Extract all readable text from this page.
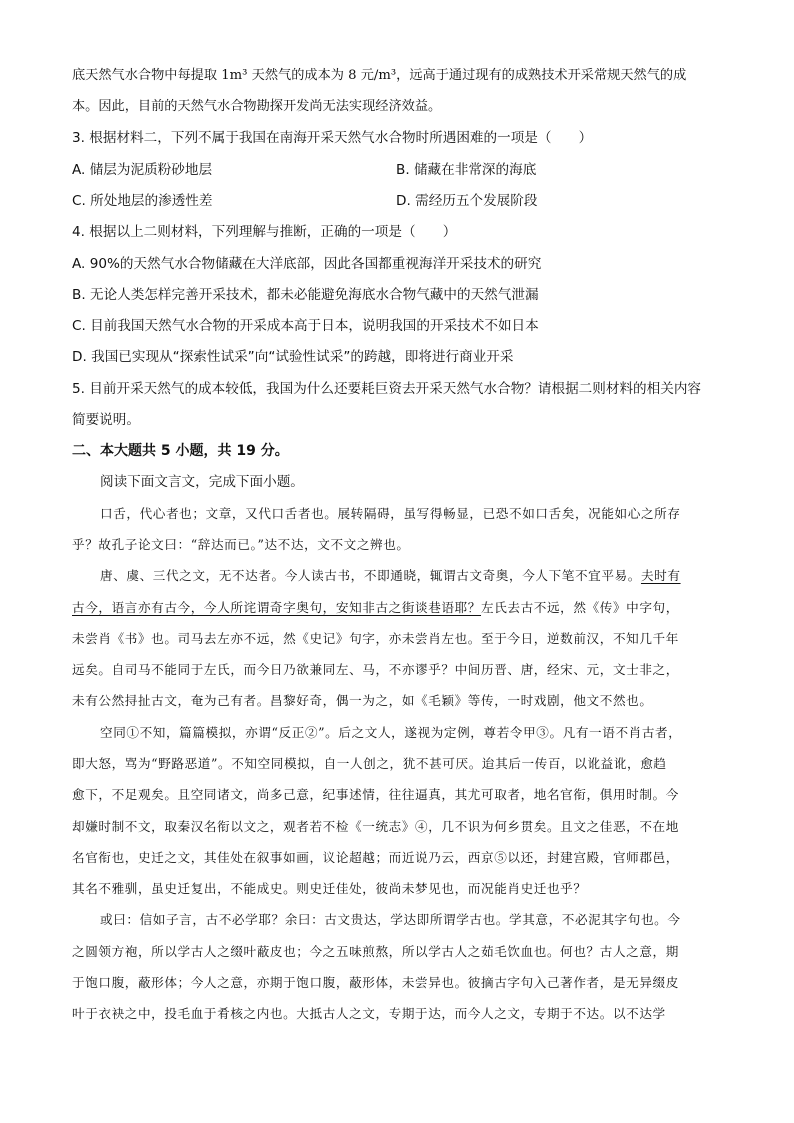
底天然气水合物中每提取 1m³ 天然气的成本为 8 元/m³，远高于通过现有的成熟技术开采常规天然气的成
本。因此，目前的天然气水合物勘探开发尚无法实现经济效益。
3. 根据材料二，下列不属于我国在南海开采天然气水合物时所遇困难的一项是（　　）
A. 储层为泥质粉砂地层	B. 储藏在非常深的海底
C. 所处地层的渗透性差	D. 需经历五个发展阶段
4. 根据以上二则材料，下列理解与推断，正确的一项是（　　）
A. 90%的天然气水合物储藏在大洋底部，因此各国都重视海洋开采技术的研究
B. 无论人类怎样完善开采技术，都未必能避免海底水合物气藏中的天然气泄漏
C. 目前我国天然气水合物的开采成本高于日本，说明我国的开采技术不如日本
D. 我国已实现从“探索性试采”向“试验性试采”的跨越，即将进行商业开采
5. 目前开采天然气的成本较低，我国为什么还要耗巨资去开采天然气水合物？请根据二则材料的相关内容
简要说明。
二、本大题共 5 小题，共 19 分。
阅读下面文言文，完成下面小题。
口舌，代心者也；文章，又代口舌者也。展转隔碍，虽写得畅显，已恐不如口舌矣，况能如心之所存
乎？故孔子论文曰：“辞达而已。”达不达，文不文之辨也。
唐、虞、三代之文，无不达者。今人读古书，不即通晓，辄谓古文奇奥，今人下笔不宜平易。夫时有
古今，语言亦有古今，今人所诧谓奇字奥句，安知非古之街谈巷语耶？左氏去古不远，然《传》中字句，
未尝肖《书》也。司马去左亦不远，然《史记》句字，亦未尝肖左也。至于今日，逆数前汉，不知几千年
远矣。自司马不能同于左氏，而今日乃欲兼同左、马，不亦谬乎？中间历晋、唐，经宋、元，文士非之，
未有公然挦扯古文，奄为己有者。昌黎好奇，偶一为之，如《毛颖》等传，一时戏剧，他文不然也。
空同①不知，篇篇模拟，亦谓“反正②”。后之文人，遂视为定例，尊若令甲③。凡有一语不肖古者，
即大怒，骂为“野路恶道”。不知空同模拟，自一人创之，犹不甚可厌。迨其后一传百，以讹益讹，愈趋
愈下，不足观矣。且空同诸文，尚多己意，纪事述情，往往逼真，其尤可取者，地名官衔，俱用时制。今
却嫌时制不文，取秦汉名衔以文之，观者若不检《一统志》④，几不识为何乡贯矣。且文之佳恶，不在地
名官衔也，史迁之文，其佳处在叙事如画，议论超越；而近说乃云，西京⑤以还，封建宫殿，官师郡邑，
其名不雅驯，虽史迁复出，不能成史。则史迁佳处，彼尚未梦见也，而况能肖史迁也乎？
或曰：信如子言，古不必学耶？余曰：古文贵达，学达即所谓学古也。学其意，不必泥其字句也。今
之圆领方袍，所以学古人之缀叶蔽皮也；今之五味煎熬，所以学古人之茹毛饮血也。何也？古人之意，期
于饱口腹，蔽形体；今人之意，亦期于饱口腹，蔽形体，未尝异也。彼摘古字句入己著作者，是无异缀皮
叶于衣袂之中，投毛血于肴核之内也。大抵古人之文，专期于达，而今人之文，专期于不达。以不达学
